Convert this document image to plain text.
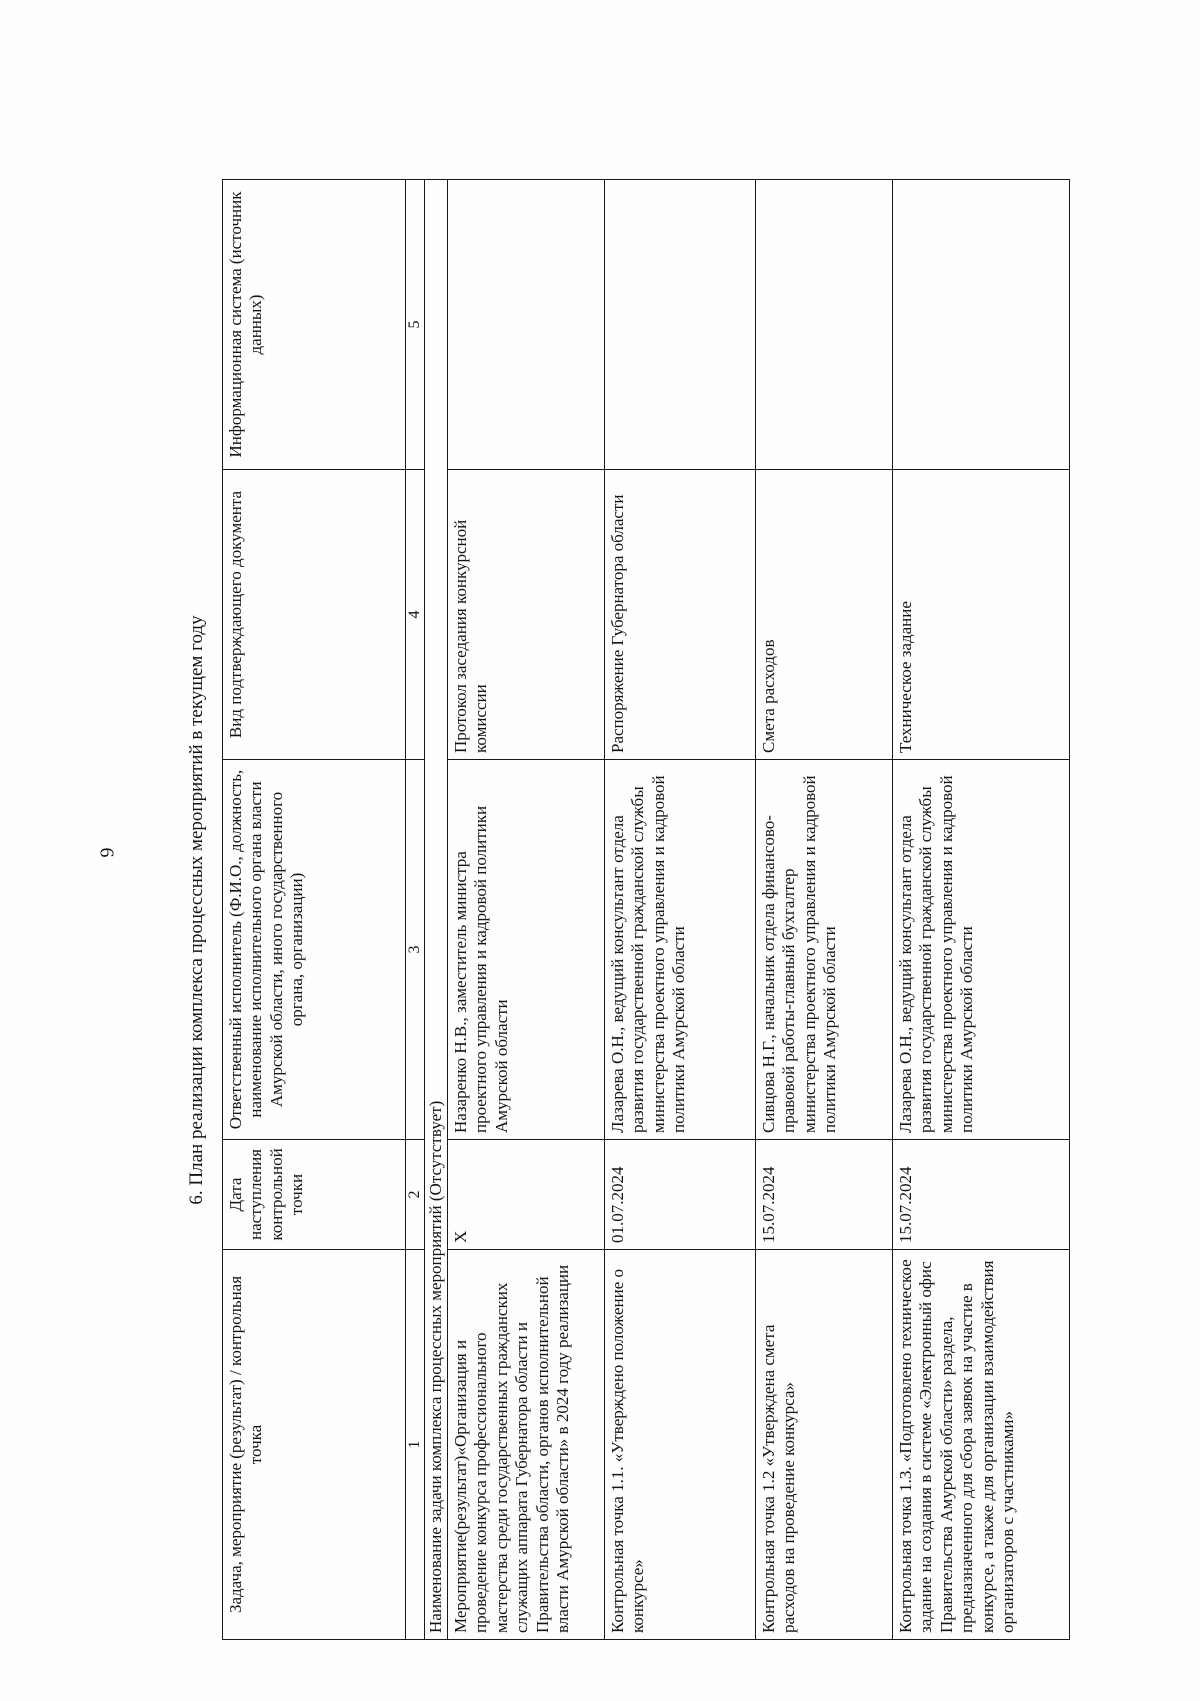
6	6. План реализации комплекса процессных мероприятий в текущем году
Задача, мероприятие (результат) / контрольная точка	Дата наступления контрольной точки	Ответственный исполнитель (Ф.И.О., должность, наименование исполнительного органа власти Амурской области, иного государственного органа, организации)	Вид подтверждающего документа	Информационная система (источник данных)
1	2	3	4	5
Наименование задачи комплекса процессных мероприятий (Отсутствует)				
Мероприятие(результат)«Организация и проведение конкурса профессионального мастерства среди государственных гражданских служащих аппарата Губернатора области и Правительства области, органов исполнительной власти Амурской области» в 2024 году реализации	X	Назаренко Н.В., заместитель министра проектного управления и кадровой политики Амурской области	Протокол заседания конкурсной комиссии	
Контрольная точка 1.1. «Утверждено положение о конкурсе»	01.07.2024	Лазарева О.Н., ведущий консультант отдела развития государственной гражданской службы министерства проектного управления и кадровой политики Амурской области	Распоряжение Губернатора области	
Контрольная точка 1.2 «Утверждена смета расходов на проведение конкурса»	15.07.2024	Сивцова Н.Г., начальник отдела финансово-правовой работы-главный бухгалтер министерства проектного управления и кадровой политики Амурской области	Смета расходов	
Контрольная точка 1.3. «Подготовлено техническое задание на создания в системе «Электронный офис Правительства Амурской области» раздела, предназначенного для сбора заявок на участие в конкурсе, а также для организации взаимодействия организаторов с участниками»	15.07.2024	Лазарева О.Н., ведущий консультант отдела развития государственной гражданской службы министерства проектного управления и кадровой политики Амурской области	Техническое задание	
